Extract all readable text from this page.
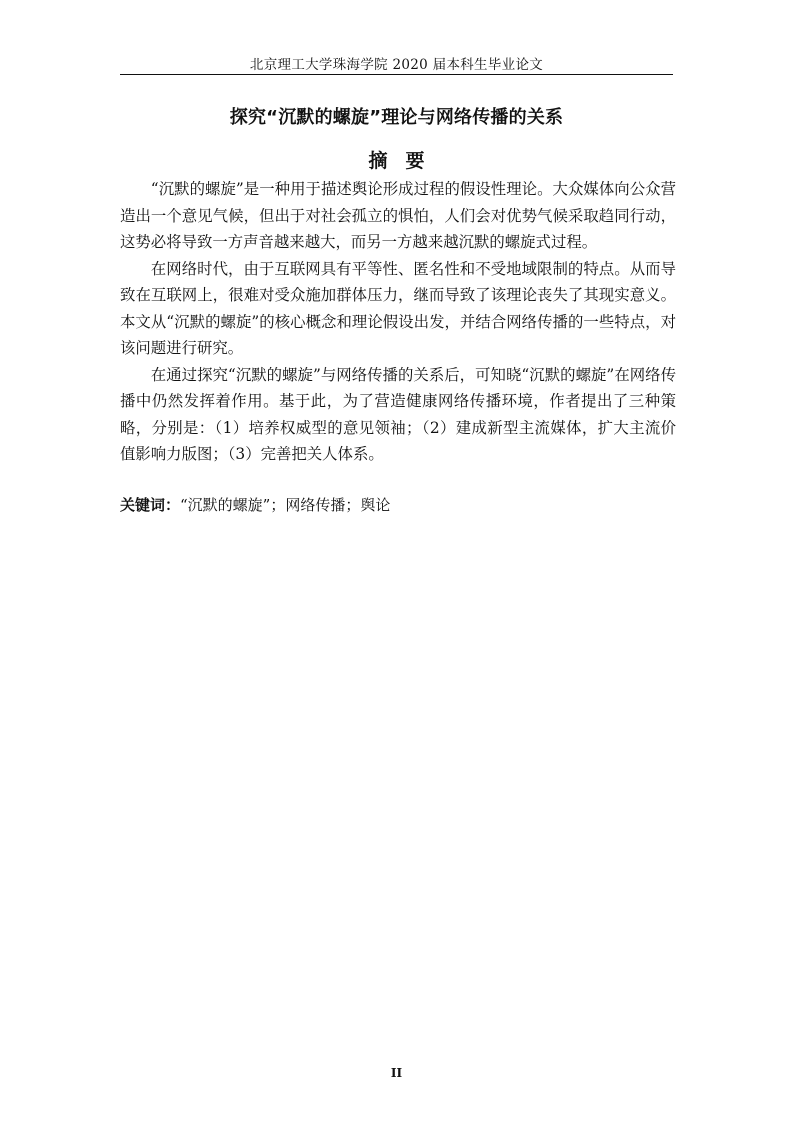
北京理工大学珠海学院 2020 届本科生毕业论文
探究“沉默的螺旋”理论与网络传播的关系
摘要

“沉默的螺旋”是一种用于描述舆论形成过程的假设性理论。大众媒体向公众营造出一个意见气候，但出于对社会孤立的惧怕，人们会对优势气候采取趋同行动，这势必将导致一方声音越来越大，而另一方越来越沉默的螺旋式过程。

在网络时代，由于互联网具有平等性、匿名性和不受地域限制的特点。从而导致在互联网上，很难对受众施加群体压力，继而导致了该理论丧失了其现实意义。本文从“沉默的螺旋”的核心概念和理论假设出发，并结合网络传播的一些特点，对该问题进行研究。

在通过探究“沉默的螺旋”与网络传播的关系后，可知晓“沉默的螺旋”在网络传播中仍然发挥着作用。基于此，为了营造健康网络传播环境，作者提出了三种策略，分别是：（1）培养权威型的意见领袖；（2）建成新型主流媒体，扩大主流价值影响力版图；（3）完善把关人体系。

关键词：“沉默的螺旋”；网络传播；舆论
II
